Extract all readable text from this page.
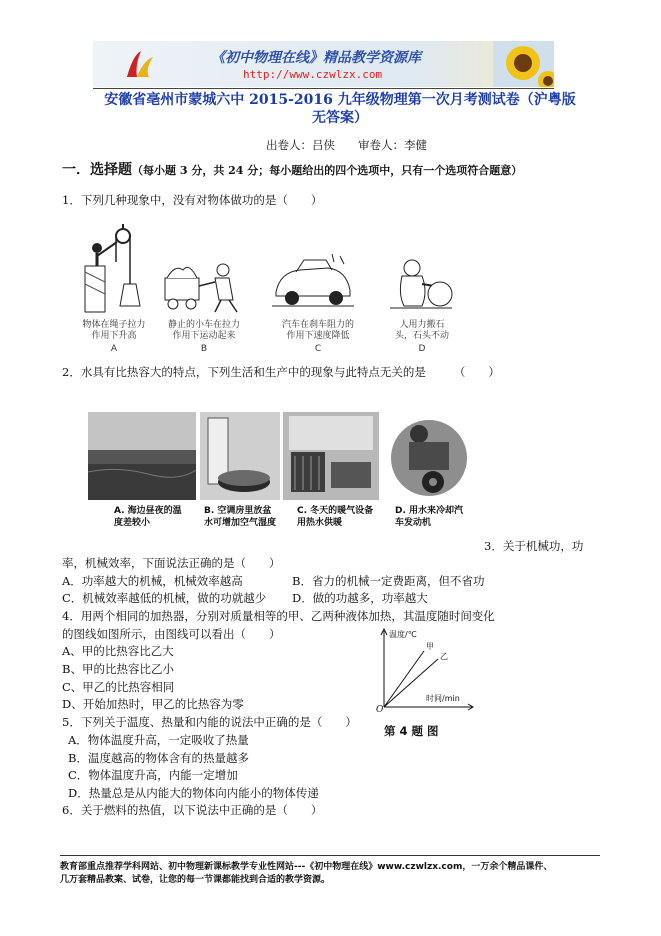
《初中物理在线》精品教学资源库
http://www.czwlzx.com
安徽省亳州市蒙城六中 2015-2016 九年级物理第一次月考测试卷（沪粤版无答案）
出卷人：吕侠　　审卷人：李健
一．选择题（每小题 3 分，共 24 分；每小题给出的四个选项中，只有一个选项符合题意）
1．下列几种现象中，没有对物体做功的是（　　）
物体在绳子拉力作用下升高
A
静止的小车在拉力作用下运动起来
B
汽车在刹车阻力的作用下速度降低
C
人用力搬石头，石头不动
D
2．水具有比热容大的特点，下列生活和生产中的现象与此特点无关的是 （　　）
A. 海边昼夜的温度差较小
B. 空调房里放盆水可增加空气湿度
C. 冬天的暖气设备用热水供暖
D. 用水来冷却汽车发动机
3．关于机械功，功
率，机械效率，下面说法正确的是（　　）
A．功率越大的机械，机械效率越高	B．省力的机械一定费距离，但不省功
C．机械效率越低的机械，做的功就越少 D．做的功越多，功率越大
4．用两个相同的加热器，分别对质量相等的甲、乙两种液体加热，其温度随时间变化
的图线如图所示，由图线可以看出（　　）
A、甲的比热容比乙大
B、甲的比热容比乙小
C、甲乙的比热容相同
D、开始加热时，甲乙的比热容为零
温度/℃
甲
乙
时间/min
O
第 4 题 图
5．下列关于温度、热量和内能的说法中正确的是（　　）
A．物体温度升高，一定吸收了热量
B．温度越高的物体含有的热量越多
C．物体温度升高，内能一定增加
D．热量总是从内能大的物体向内能小的物体传递
6．关于燃料的热值，以下说法中正确的是（　　）
教育部重点推荐学科网站、初中物理新课标教学专业性网站---《初中物理在线》www.czwlzx.com，一万余个精品课件、
几万套精品教案、试卷，让您的每一节课都能找到合适的教学资源。
